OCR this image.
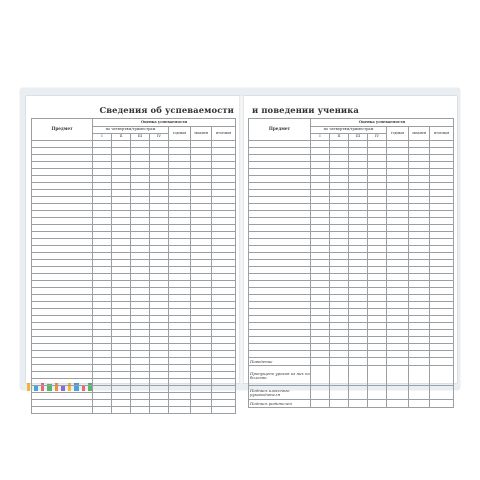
Сведения об успеваемости и поведении ученика
Предмет	Оценка успеваемости						
	по четвертям/триместрам				годовая	экзамен	итоговая
	I	II	III	IV			

Предмет	Оценка успеваемости						
	по четвертям/триместрам				годовая	экзамен	итоговая
	I	II	III	IV			

Поведение							
Пропущено уроков из них по болезни							
Подпись классного руководителя							
Подпись родителей							
